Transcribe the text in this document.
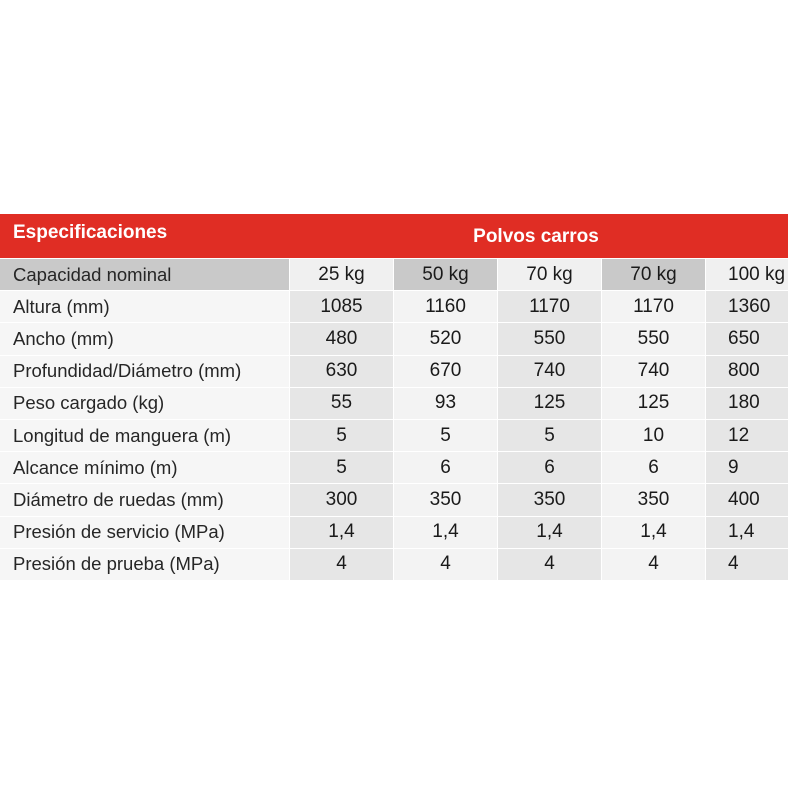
Especificaciones	Polvos carros
Capacidad nominal	25 kg	50 kg	70 kg	70 kg	100 kg
Altura (mm)	1085	1160	1170	1170	1360
Ancho (mm)	480	520	550	550	650
Profundidad/Diámetro (mm)	630	670	740	740	800
Peso cargado (kg)	55	93	125	125	180
Longitud de manguera (m)	5	5	5	10	12
Alcance mínimo (m)	5	6	6	6	9
Diámetro de ruedas (mm)	300	350	350	350	400
Presión de servicio (MPa)	1,4	1,4	1,4	1,4	1,4
Presión de prueba (MPa)	4	4	4	4	4
